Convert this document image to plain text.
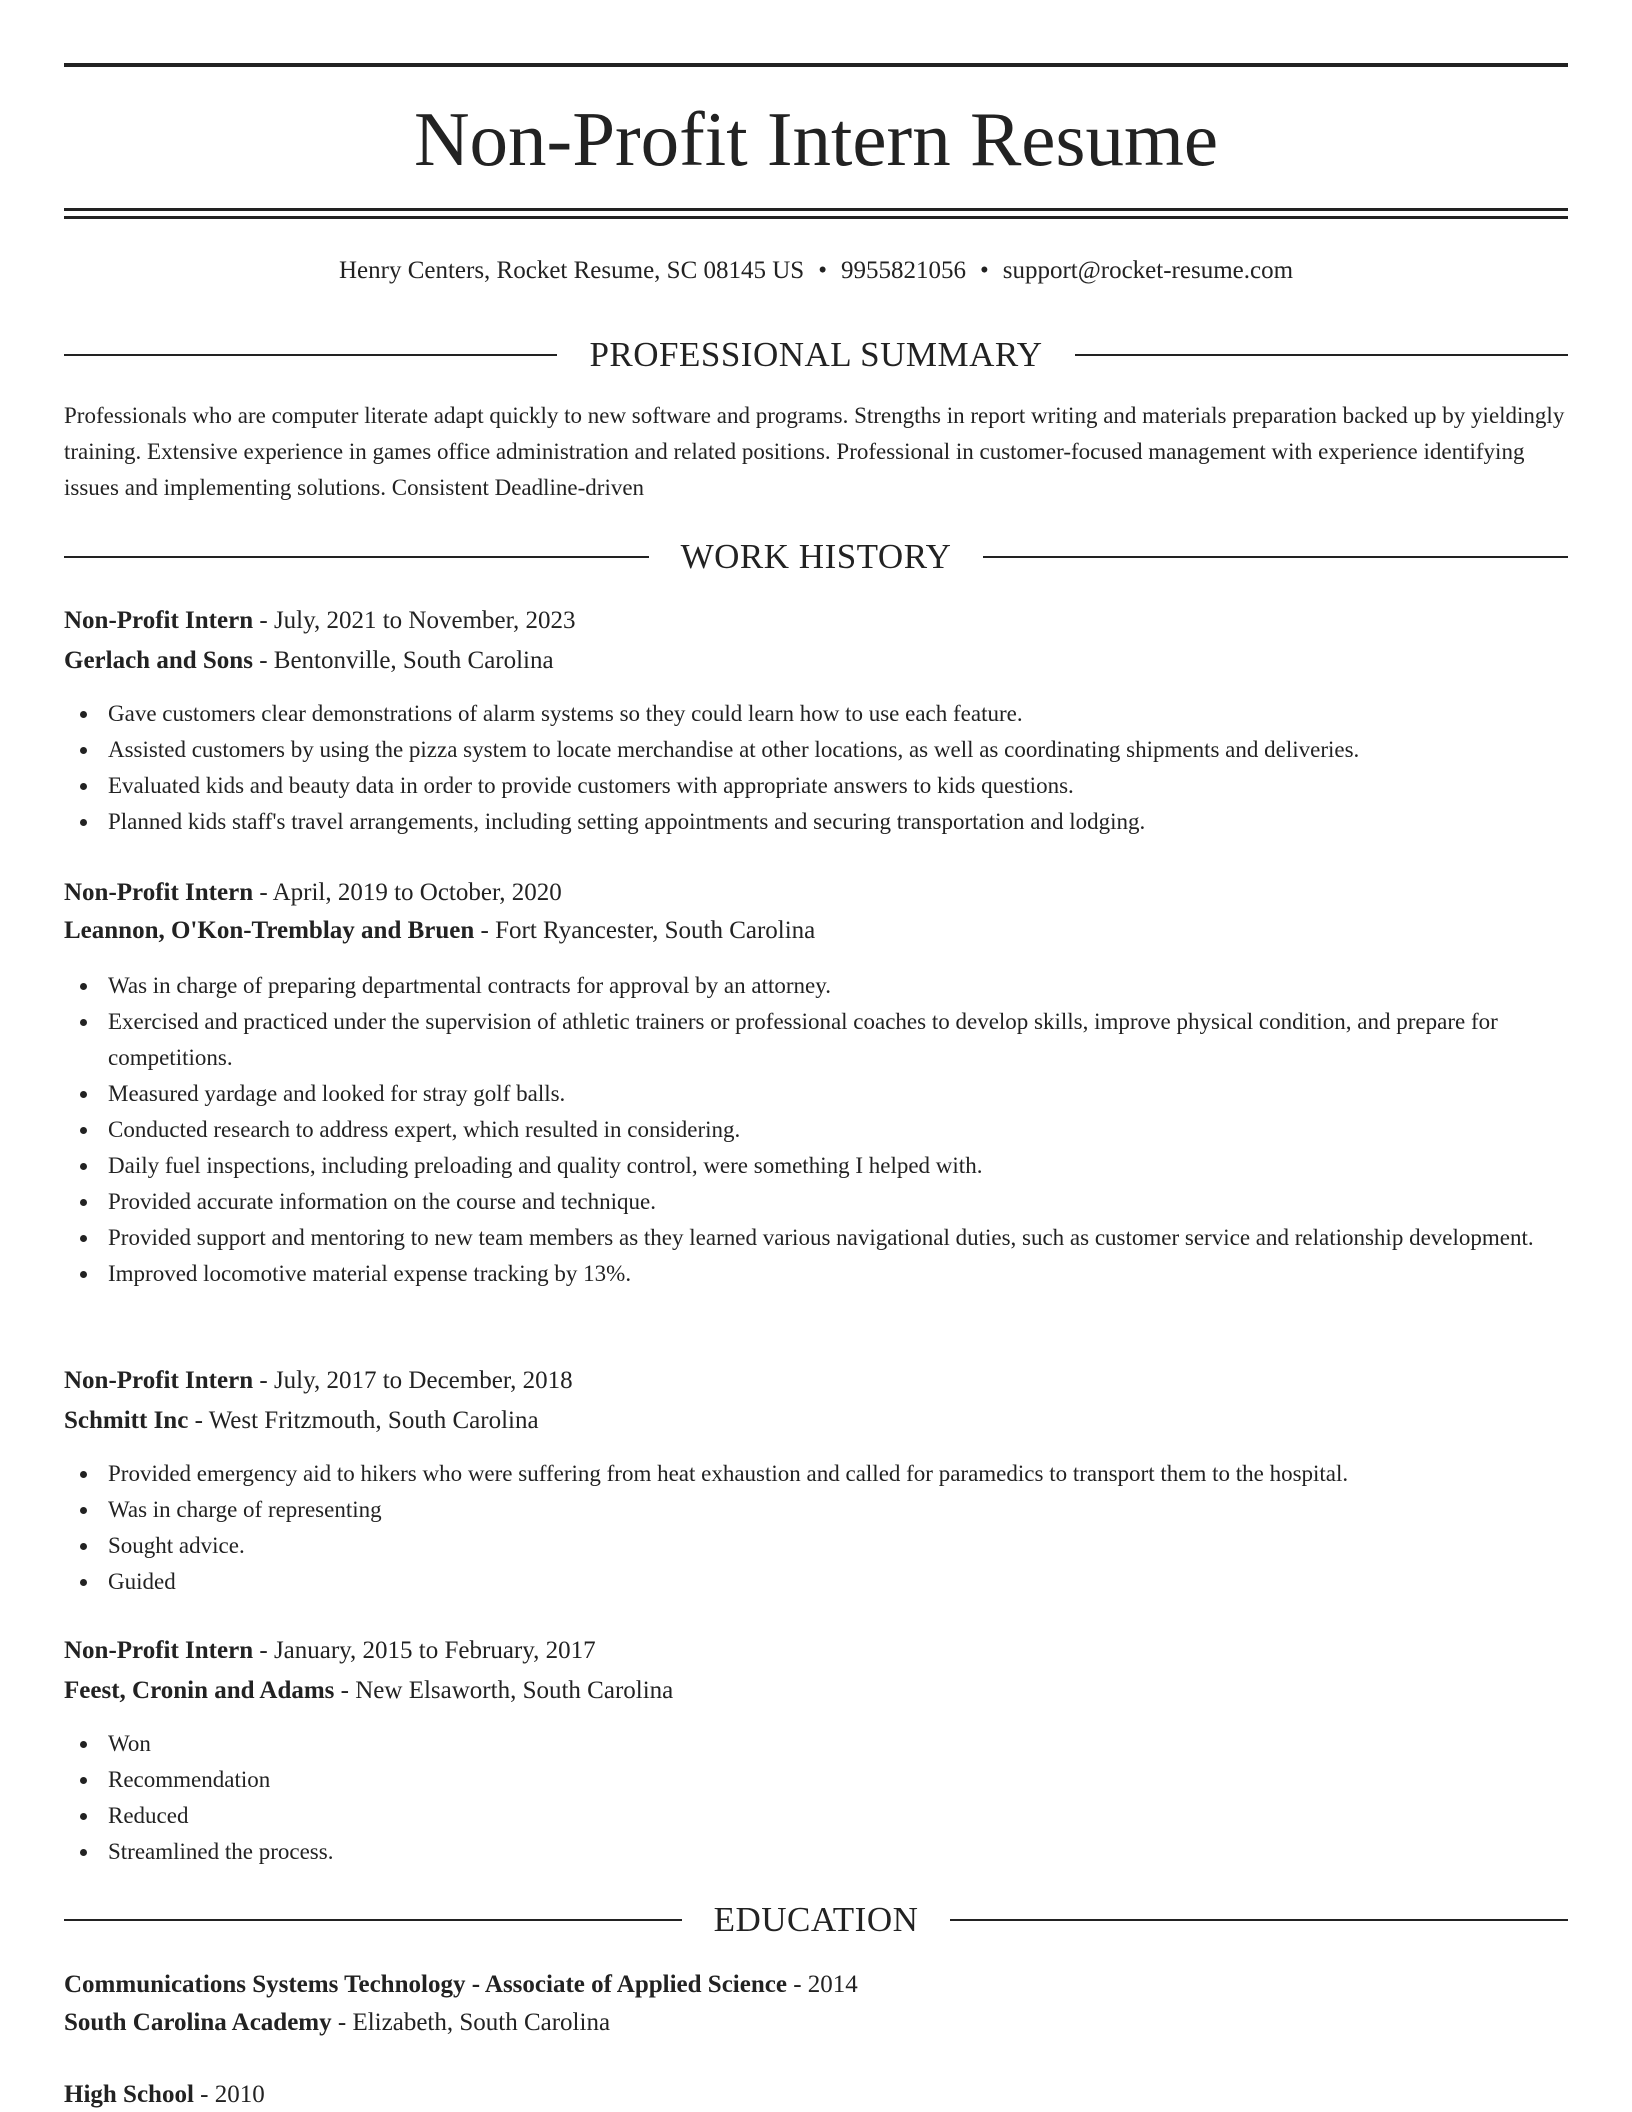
Non-Profit Intern Resume
Henry Centers, Rocket Resume, SC 08145 US • 9955821056 • support@rocket-resume.com
PROFESSIONAL SUMMARY

Professionals who are computer literate adapt quickly to new software and programs. Strengths in report writing and materials preparation backed up by yieldingly training. Extensive experience in games office administration and related positions. Professional in customer-focused management with experience identifying issues and implementing solutions. Consistent Deadline-driven

WORK HISTORY
Non-Profit Intern - July, 2021 to November, 2023
Gerlach and Sons - Bentonville, South Carolina
Gave customers clear demonstrations of alarm systems so they could learn how to use each feature.
Assisted customers by using the pizza system to locate merchandise at other locations, as well as coordinating shipments and deliveries.
Evaluated kids and beauty data in order to provide customers with appropriate answers to kids questions.
Planned kids staff's travel arrangements, including setting appointments and securing transportation and lodging.
Non-Profit Intern - April, 2019 to October, 2020
Leannon, O'Kon-Tremblay and Bruen - Fort Ryancester, South Carolina
Was in charge of preparing departmental contracts for approval by an attorney.
Exercised and practiced under the supervision of athletic trainers or professional coaches to develop skills, improve physical condition, and prepare for competitions.
Measured yardage and looked for stray golf balls.
Conducted research to address expert, which resulted in considering.
Daily fuel inspections, including preloading and quality control, were something I helped with.
Provided accurate information on the course and technique.
Provided support and mentoring to new team members as they learned various navigational duties, such as customer service and relationship development.
Improved locomotive material expense tracking by 13%.
Non-Profit Intern - July, 2017 to December, 2018
Schmitt Inc - West Fritzmouth, South Carolina
Provided emergency aid to hikers who were suffering from heat exhaustion and called for paramedics to transport them to the hospital.
Was in charge of representing
Sought advice.
Guided
Non-Profit Intern - January, 2015 to February, 2017
Feest, Cronin and Adams - New Elsaworth, South Carolina
Won
Recommendation
Reduced
Streamlined the process.
EDUCATION
Communications Systems Technology - Associate of Applied Science - 2014
South Carolina Academy - Elizabeth, South Carolina
High School - 2010
